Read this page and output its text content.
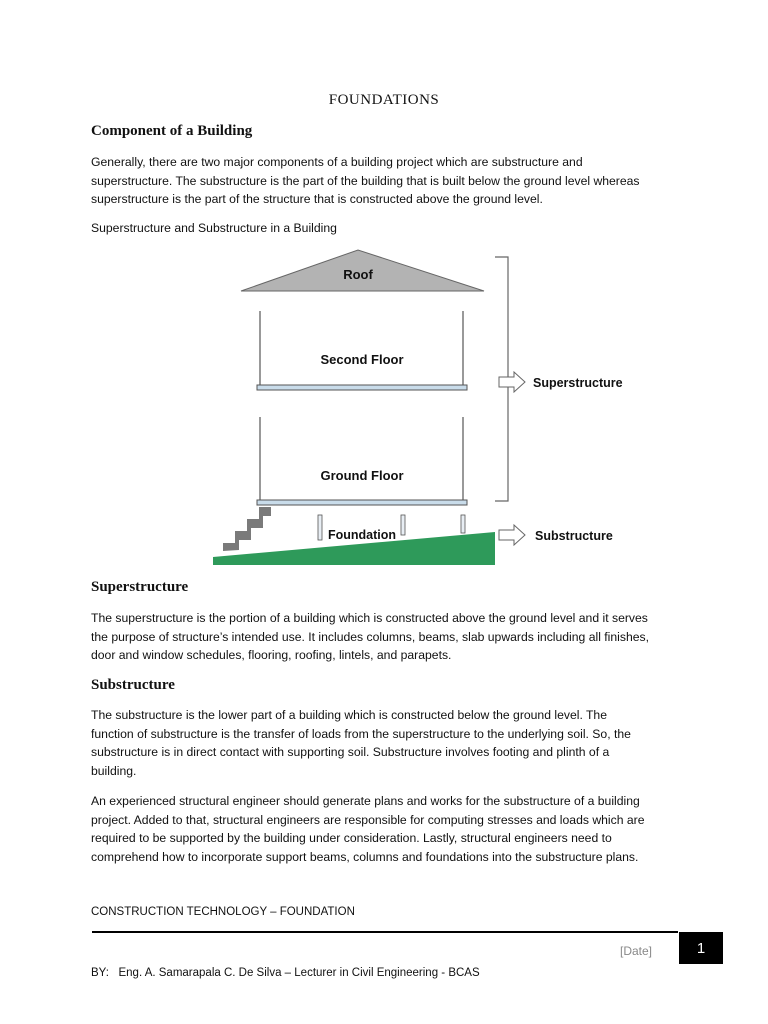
FOUNDATIONS
Component of a Building
Generally, there are two major components of a building project which are substructure and
superstructure. The substructure is the part of the building that is built below the ground level whereas
superstructure is the part of the structure that is constructed above the ground level.
Superstructure and Substructure in a Building
Roof
Second Floor
Ground Floor
Foundation
Superstructure
Substructure
Superstructure
The superstructure is the portion of a building which is constructed above the ground level and it serves
the purpose of structure’s intended use. It includes columns, beams, slab upwards including all finishes,
door and window schedules, flooring, roofing, lintels, and parapets.
Substructure
The substructure is the lower part of a building which is constructed below the ground level. The
function of substructure is the transfer of loads from the superstructure to the underlying soil. So, the
substructure is in direct contact with supporting soil. Substructure involves footing and plinth of a
building.
An experienced structural engineer should generate plans and works for the substructure of a building
project. Added to that, structural engineers are responsible for computing stresses and loads which are
required to be supported by the building under consideration. Lastly, structural engineers need to
comprehend how to incorporate support beams, columns and foundations into the substructure plans.
CONSTRUCTION TECHNOLOGY – FOUNDATION
[Date]	1
BY:   Eng. A. Samarapala C. De Silva – Lecturer in Civil Engineering - BCAS
